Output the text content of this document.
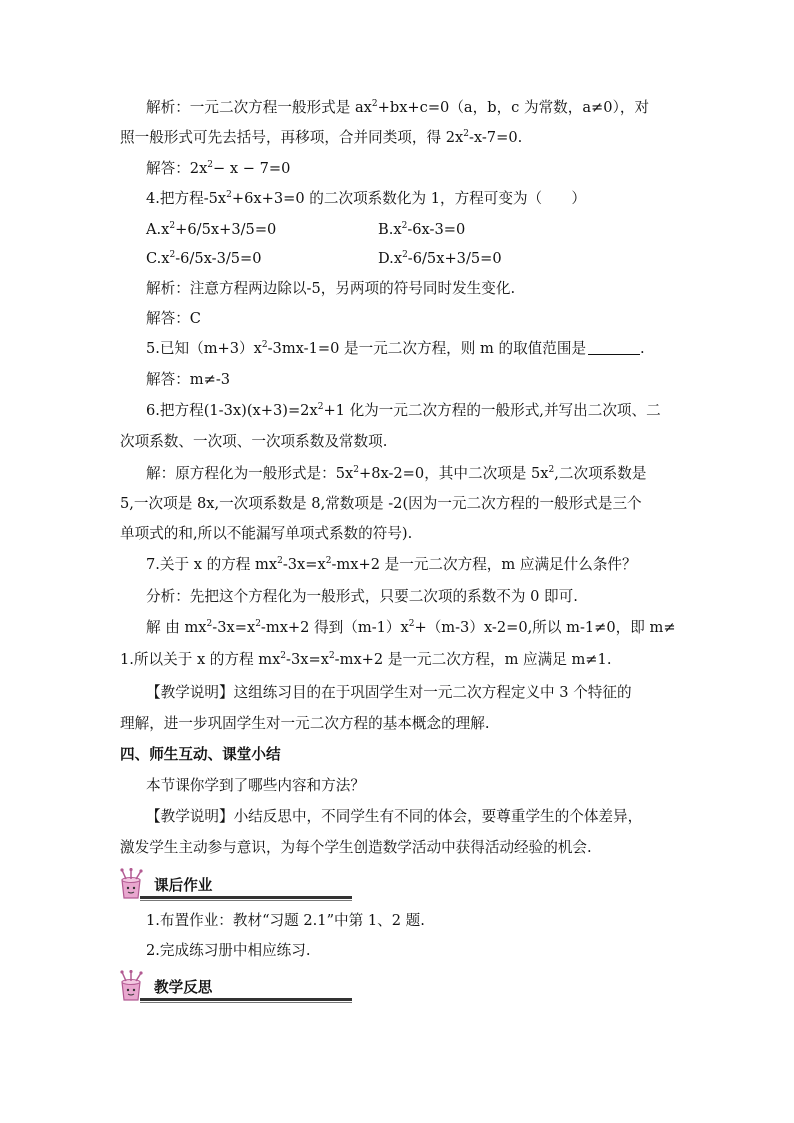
解析：一元二次方程一般形式是 $ax^2+bx+c=0(a$，b，c 为常数，a≠0），对
照一般形式可先去括号，再移项，合并同类项，得 $2x^2-x-7=0$.
解答：$2x^2- x - 7=0$
4.把方程$-5x^2+6x+3=0$ 的二次项系数化为 1，方程可变为（　　）
$A.x^2+6/5x+3/5=0$	$B.x^2-6x-3=0$
$C.x^2-6/5x-3/5=0$	$D.x^2-6/5x+3/5=0$
解析：注意方程两边除以-5，另两项的符号同时发生变化.
解答：C
5.已知$(m+3)x^2-3mx-1=0$ 是一元二次方程，则 m 的取值范围是	.
解答：m≠-3
6.把方程$(1-3x)(x+3)=2x^2+1$ 化为一元二次方程的一般形式,并写出二次项、二
次项系数、一次项、一次项系数及常数项.
解：原方程化为一般形式是：$5x^2+8x-2=0$，其中二次项是 $5x^2$,二次项系数是
5,一次项是 8x,一次项系数是 8,常数项是 -2(因为一元二次方程的一般形式是三个
单项式的和,所以不能漏写单项式系数的符号).
7.关于 x 的方程 $mx^2-3x=x^2-mx+2$ 是一元二次方程，m 应满足什么条件？
分析：先把这个方程化为一般形式，只要二次项的系数不为 0 即可.
解 由 $mx^2-3x=x^2-mx+2$ 得到$(m-1)x^2+(m-3)x-2=0$,所以 m-1≠0，即 m≠
1.所以关于 x 的方程 $mx^2-3x=x^2-mx+2$ 是一元二次方程，m 应满足 m≠1.
【教学说明】这组练习目的在于巩固学生对一元二次方程定义中 3 个特征的
理解，进一步巩固学生对一元二次方程的基本概念的理解.
四、师生互动、课堂小结
本节课你学到了哪些内容和方法？
【教学说明】小结反思中，不同学生有不同的体会，要尊重学生的个体差异，
激发学生主动参与意识，为每个学生创造数学活动中获得活动经验的机会.
课后作业
1.布置作业：教材“习题 2.1”中第 1、2 题.
2.完成练习册中相应练习.
教学反思
